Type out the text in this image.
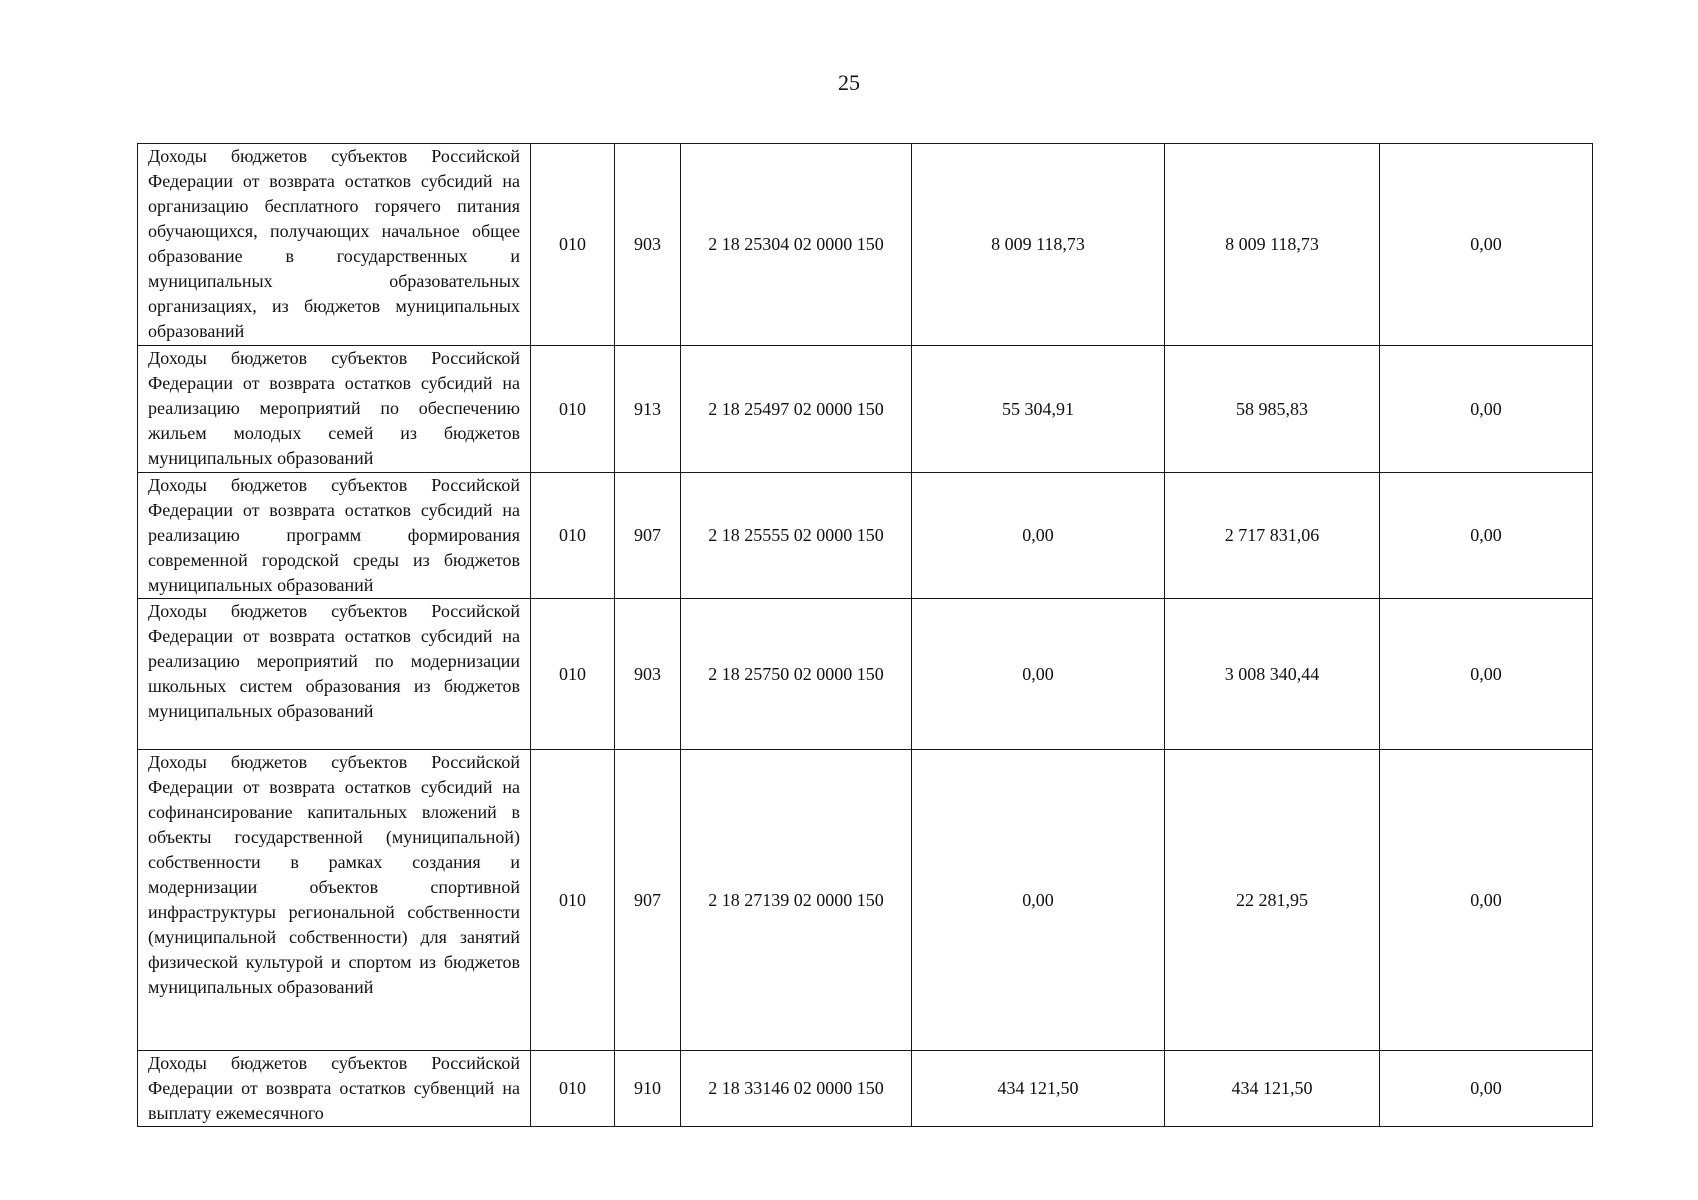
25
Доходы бюджетов субъектов Российской Федерации от возврата остатков субсидий на организацию бесплатного горячего питания обучающихся, получающих начальное общее образование в государственных и муниципальных образовательных организациях, из бюджетов муниципальных образований	010	903	2 18 25304 02 0000 150	8 009 118,73	8 009 118,73	0,00
Доходы бюджетов субъектов Российской Федерации от возврата остатков субсидий на реализацию мероприятий по обеспечению жильем молодых семей из бюджетов муниципальных образований	010	913	2 18 25497 02 0000 150	55 304,91	58 985,83	0,00
Доходы бюджетов субъектов Российской Федерации от возврата остатков субсидий на реализацию программ формирования современной городской среды из бюджетов муниципальных образований	010	907	2 18 25555 02 0000 150	0,00	2 717 831,06	0,00
Доходы бюджетов субъектов Российской Федерации от возврата остатков субсидий на реализацию мероприятий по модернизации школьных систем образования из бюджетов муниципальных образований	010	903	2 18 25750 02 0000 150	0,00	3 008 340,44	0,00
Доходы бюджетов субъектов Российской Федерации от возврата остатков субсидий на софинансирование капитальных вложений в объекты государственной (муниципальной) собственности в рамках создания и модернизации объектов спортивной инфраструктуры региональной собственности (муниципальной собственности) для занятий физической культурой и спортом из бюджетов муниципальных образований	010	907	2 18 27139 02 0000 150	0,00	22 281,95	0,00
Доходы бюджетов субъектов Российской Федерации от возврата остатков субвенций на выплату ежемесячного	010	910	2 18 33146 02 0000 150	434 121,50	434 121,50	0,00
